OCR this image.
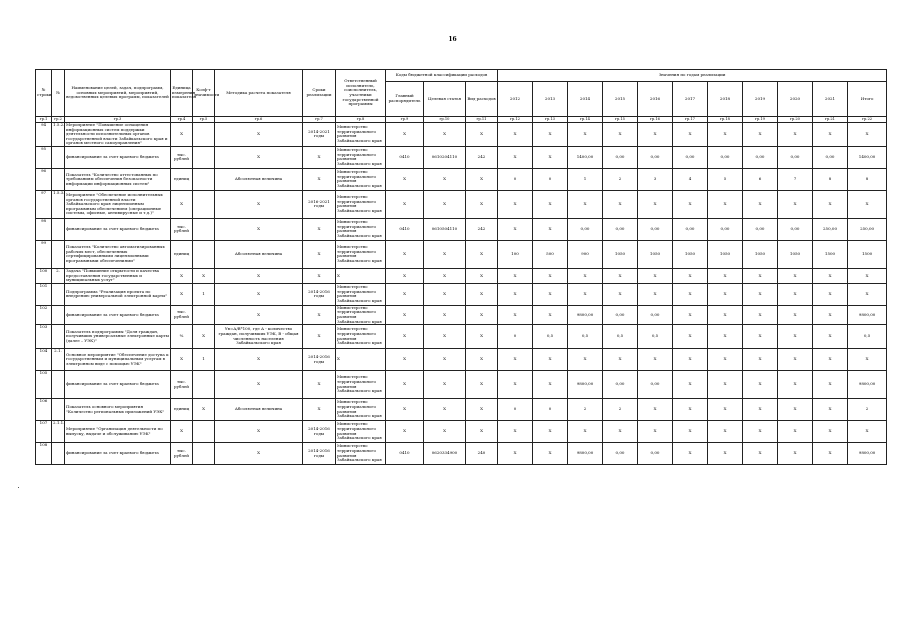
16
№ строки	№	Наименование целей, задач, подпрограмм, основных мероприятий, мероприятий, ведомственных целевых программ, показателей	Единица измерения показателя	Коэф-т значимости	Методика расчета показателя	Сроки реализации	Ответственный исполнитель, соисполнитель, участники государственной программы	Коды бюджетной классификации расходов			Значения по годам реализации										
								Главный распорядитель	Целевая статья	Вид расходов	2012	2013	2014	2015	2016	2017	2018	2019	2020	2021	Итого
гр.1	гр.2	гр.3	гр.4	гр.5	гр.6	гр.7	гр.8	гр.9	гр.10	гр.11	гр.12	гр.13	гр.14	гр.15	гр.16	гр.17	гр.18	гр.19	гр.20	гр.21	гр.22
94	1.5.2.	Мероприятие "Повышение оснащения информационных систем поддержки деятельности исполнительных органов государственной власти Забайкальского края и органов местного самоуправления"	Х		Х	2014-2021 годы	Министерство территориального развития Забайкальского края	Х	Х	Х	Х	Х	Х	Х	Х	Х	Х	Х	Х	Х	Х
95		финансирование за счет краевого бюджета	тыс. рублей		Х	Х	Министерство территориального развития Забайкальского края	0410	0610204110	242	Х	Х	1400,00	0,00	0,00	0,00	0,00	0,00	0,00	0,00	1400,00
96		Показатель "Количество аттестованных по требованиям обеспечения безопасности информации информационных систем"	единиц		Абсолютная величина	Х	Министерство территориального развития Забайкальского края	Х	Х	Х	0	0	1	2	3	4	5	6	7	8	8
97	1.5.3.	Мероприятие "Обеспечение исполнительных органов государственной власти Забайкальского края лицензионным программным обеспечением (операционные системы, офисные, антивирусные и т.д.)"	Х		Х	2016-2021 годы	Министерство территориального развития Забайкальского края	Х	Х	Х	Х	Х	Х	Х	Х	Х	Х	Х	Х	Х	Х
98		финансирование за счет краевого бюджета	тыс. рублей		Х	Х	Министерство территориального развития Забайкальского края	0410	0610504110	242	Х	Х	0,00	0,00	0,00	0,00	0,00	0,00	0,00	250,00	250,00
99		Показатель "Количество автоматизированных рабочих мест, обеспеченных сертифицированными лицензионными программными обеспечениями"	единиц		Абсолютная величина	Х	Министерство территориального развития Забайкальского края	Х	Х	Х	100	500	900	1050	1050	1050	1050	1050	1050	1500	1500
100	2.	Задача "Повышение открытости и качества предоставления государственных и муниципальных услуг"	Х	Х	Х	Х	Х	Х	Х	Х	Х	Х	Х	Х	Х	Х	Х	Х	Х	Х	Х
101		Подпрограмма "Реализация проекта по внедрению универсальной электронной карты"	Х	1	Х	2014-2016 годы	Министерство территориального развития Забайкальского края	Х	Х	Х	Х	Х	Х	Х	Х	Х	Х	Х	Х	Х	Х
102		финансирование за счет краевого бюджета	тыс. рублей		Х	Х	Министерство территориального развития Забайкальского края	Х	Х	Х	Х	Х	9800,00	0,00	0,00	Х	Х	Х	Х	Х	9800,00
103		Показатель подпрограммы "Доля граждан, получивших универсальные электронные карты (далее – УЭК)"	%	Х	Ув=А/В*100, где А - количество граждан, получивших УЭК, В - общая численность населения Забайкальского края	Х	Министерство территориального развития Забайкальского края	Х	Х	Х	0	0,5	0,5	0,5	0,5	Х	Х	Х	Х	Х	0,5
104	2.1.	Основное мероприятие "Обеспечение доступа к государственным и муниципальным услугам в электронном виде с помощью УЭК"	Х	1	Х	2014-2016 годы	Х	Х	Х	Х	Х	Х	Х	Х	Х	Х	Х	Х	Х	Х	Х
105		финансирование за счет краевого бюджета	тыс. рублей		Х	Х	Министерство территориального развития Забайкальского края	Х	Х	Х	Х	Х	9800,00	0,00	0,00	Х	Х	Х	Х	Х	9800,00
106		Показатель основного мероприятия "Количество региональных приложений УЭК"	единиц	Х	Абсолютная величина	Х	Министерство территориального развития Забайкальского края	Х	Х	Х	0	0	2	2	Х	Х	Х	Х	Х	Х	2
107	2.1.1.	Мероприятие "Организация деятельности по выпуску, выдаче и обслуживанию УЭК"	Х		Х	2014-2016 годы	Министерство территориального развития Забайкальского края	Х	Х	Х	Х	Х	Х	Х	Х	Х	Х	Х	Х	Х	Х
108		финансирование за счет краевого бюджета	тыс. рублей		Х	2014-2016 годы	Министерство территориального развития Забайкальского края	0410	0620334900	240	Х	Х	9800,00	0,00	0,00	Х	Х	Х	Х	Х	9800,00
